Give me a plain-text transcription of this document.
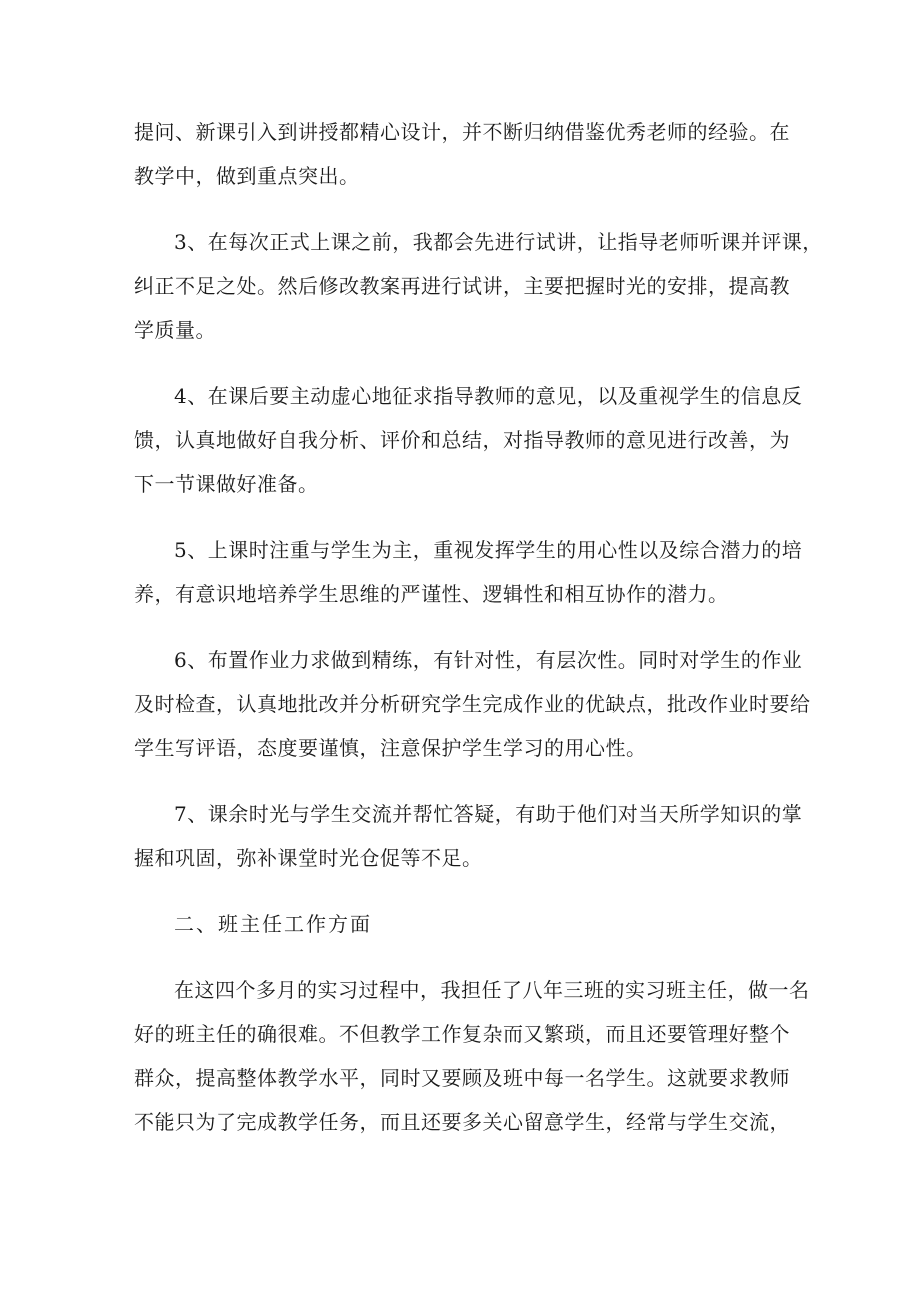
提问、新课引入到讲授都精心设计，并不断归纳借鉴优秀老师的经验。在
教学中，做到重点突出。
3、在每次正式上课之前，我都会先进行试讲，让指导老师听课并评课，
纠正不足之处。然后修改教案再进行试讲，主要把握时光的安排，提高教
学质量。
4、在课后要主动虚心地征求指导教师的意见，以及重视学生的信息反
馈，认真地做好自我分析、评价和总结，对指导教师的意见进行改善，为
下一节课做好准备。
5、上课时注重与学生为主，重视发挥学生的用心性以及综合潜力的培
养，有意识地培养学生思维的严谨性、逻辑性和相互协作的潜力。
6、布置作业力求做到精练，有针对性，有层次性。同时对学生的作业
及时检查，认真地批改并分析研究学生完成作业的优缺点，批改作业时要给
学生写评语，态度要谨慎，注意保护学生学习的用心性。
7、课余时光与学生交流并帮忙答疑，有助于他们对当天所学知识的掌
握和巩固，弥补课堂时光仓促等不足。
二、班主任工作方面
在这四个多月的实习过程中，我担任了八年三班的实习班主任，做一名
好的班主任的确很难。不但教学工作复杂而又繁琐，而且还要管理好整个
群众，提高整体教学水平，同时又要顾及班中每一名学生。这就要求教师
不能只为了完成教学任务，而且还要多关心留意学生，经常与学生交流，
